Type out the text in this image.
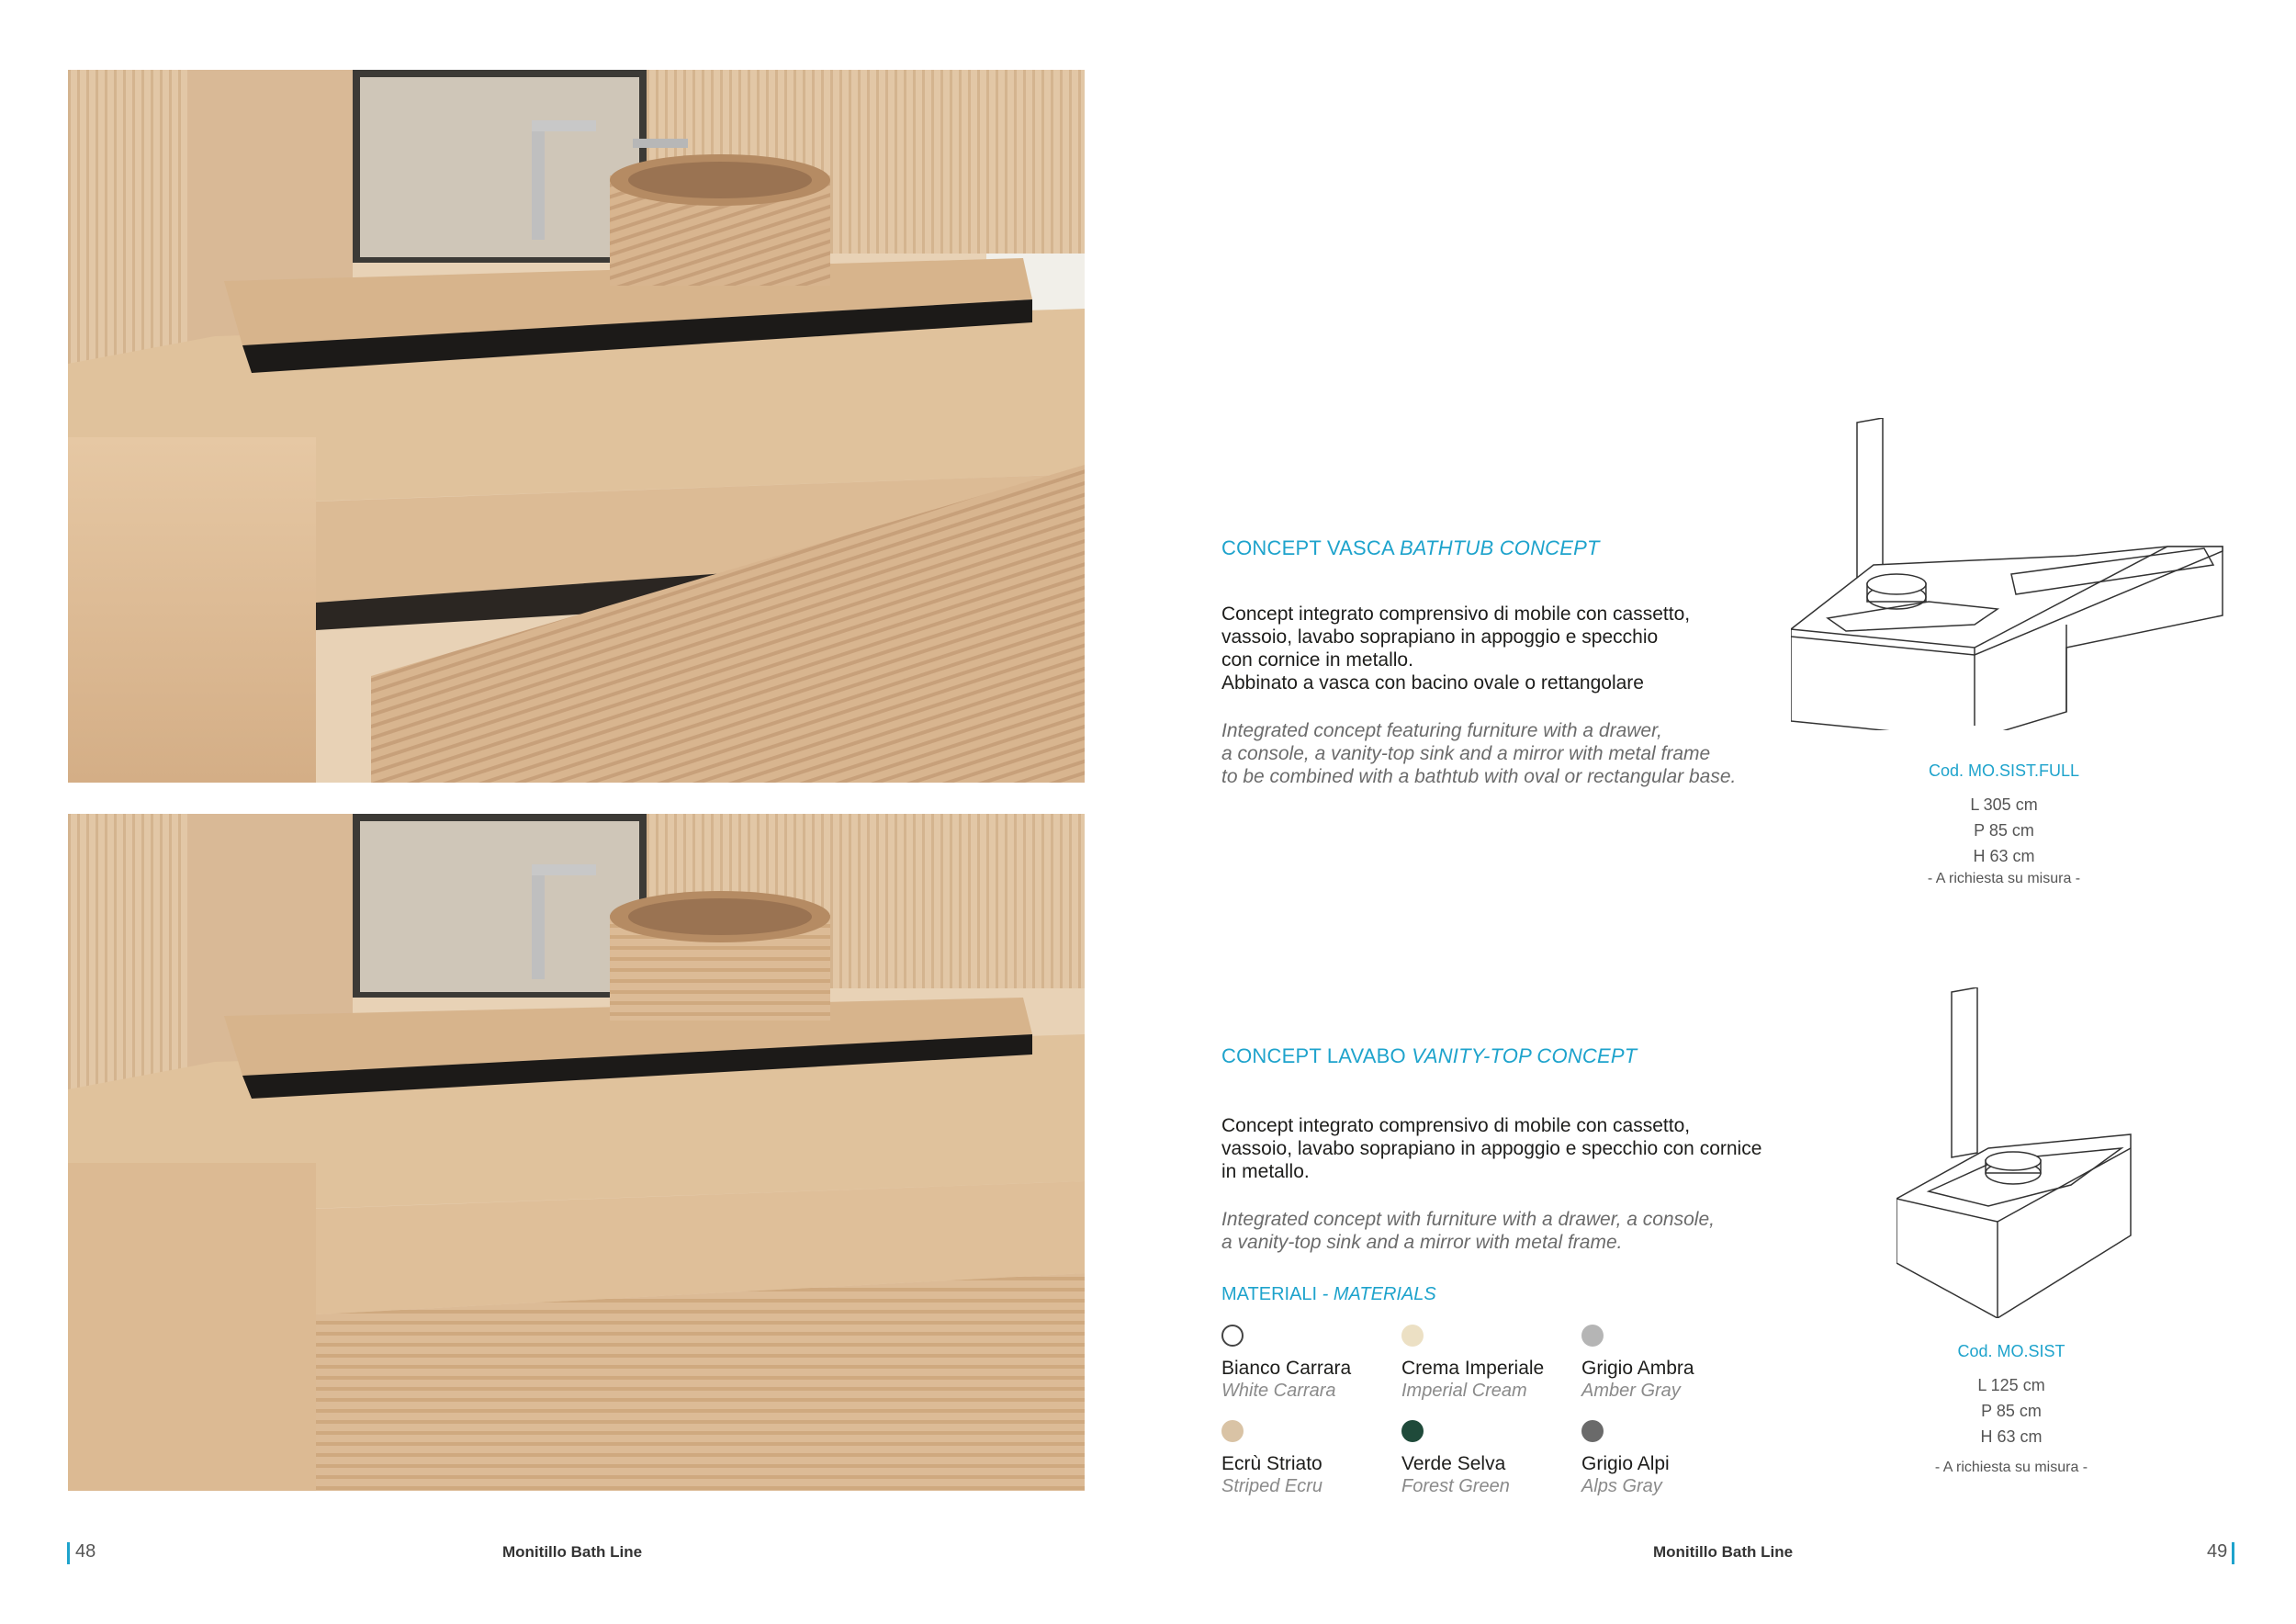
CONCEPT VASCA BATHTUB CONCEPT
Concept integrato comprensivo di mobile con cassetto,
vassoio, lavabo soprapiano in appoggio e specchio
con cornice in metallo.
Abbinato a vasca con bacino ovale o rettangolare
Integrated concept featuring furniture with a drawer,
a console, a vanity-top sink and a mirror with metal frame
to be combined with a bathtub with oval or rectangular base.	Cod. MO.SIST.FULL
L 305 cm
P 85 cm
H 63 cm
- A richiesta su misura -
CONCEPT LAVABO VANITY-TOP CONCEPT
Concept integrato comprensivo di mobile con cassetto,
vassoio, lavabo soprapiano in appoggio e specchio con cornice
in metallo.
Integrated concept with furniture with a drawer, a console,
a vanity-top sink and a mirror with metal frame.
Cod. MO.SIST
L 125 cm
P 85 cm
H 63 cm
- A richiesta su misura -
MATERIALI - MATERIALS
Bianco Carrara
White Carrara
Crema Imperiale
Imperial Cream
Grigio Ambra
Amber Gray
Ecrù Striato
Striped Ecru
Verde Selva
Forest Green
Grigio Alpi
Alps Gray
48	Monitillo Bath Line	Monitillo Bath Line	49
